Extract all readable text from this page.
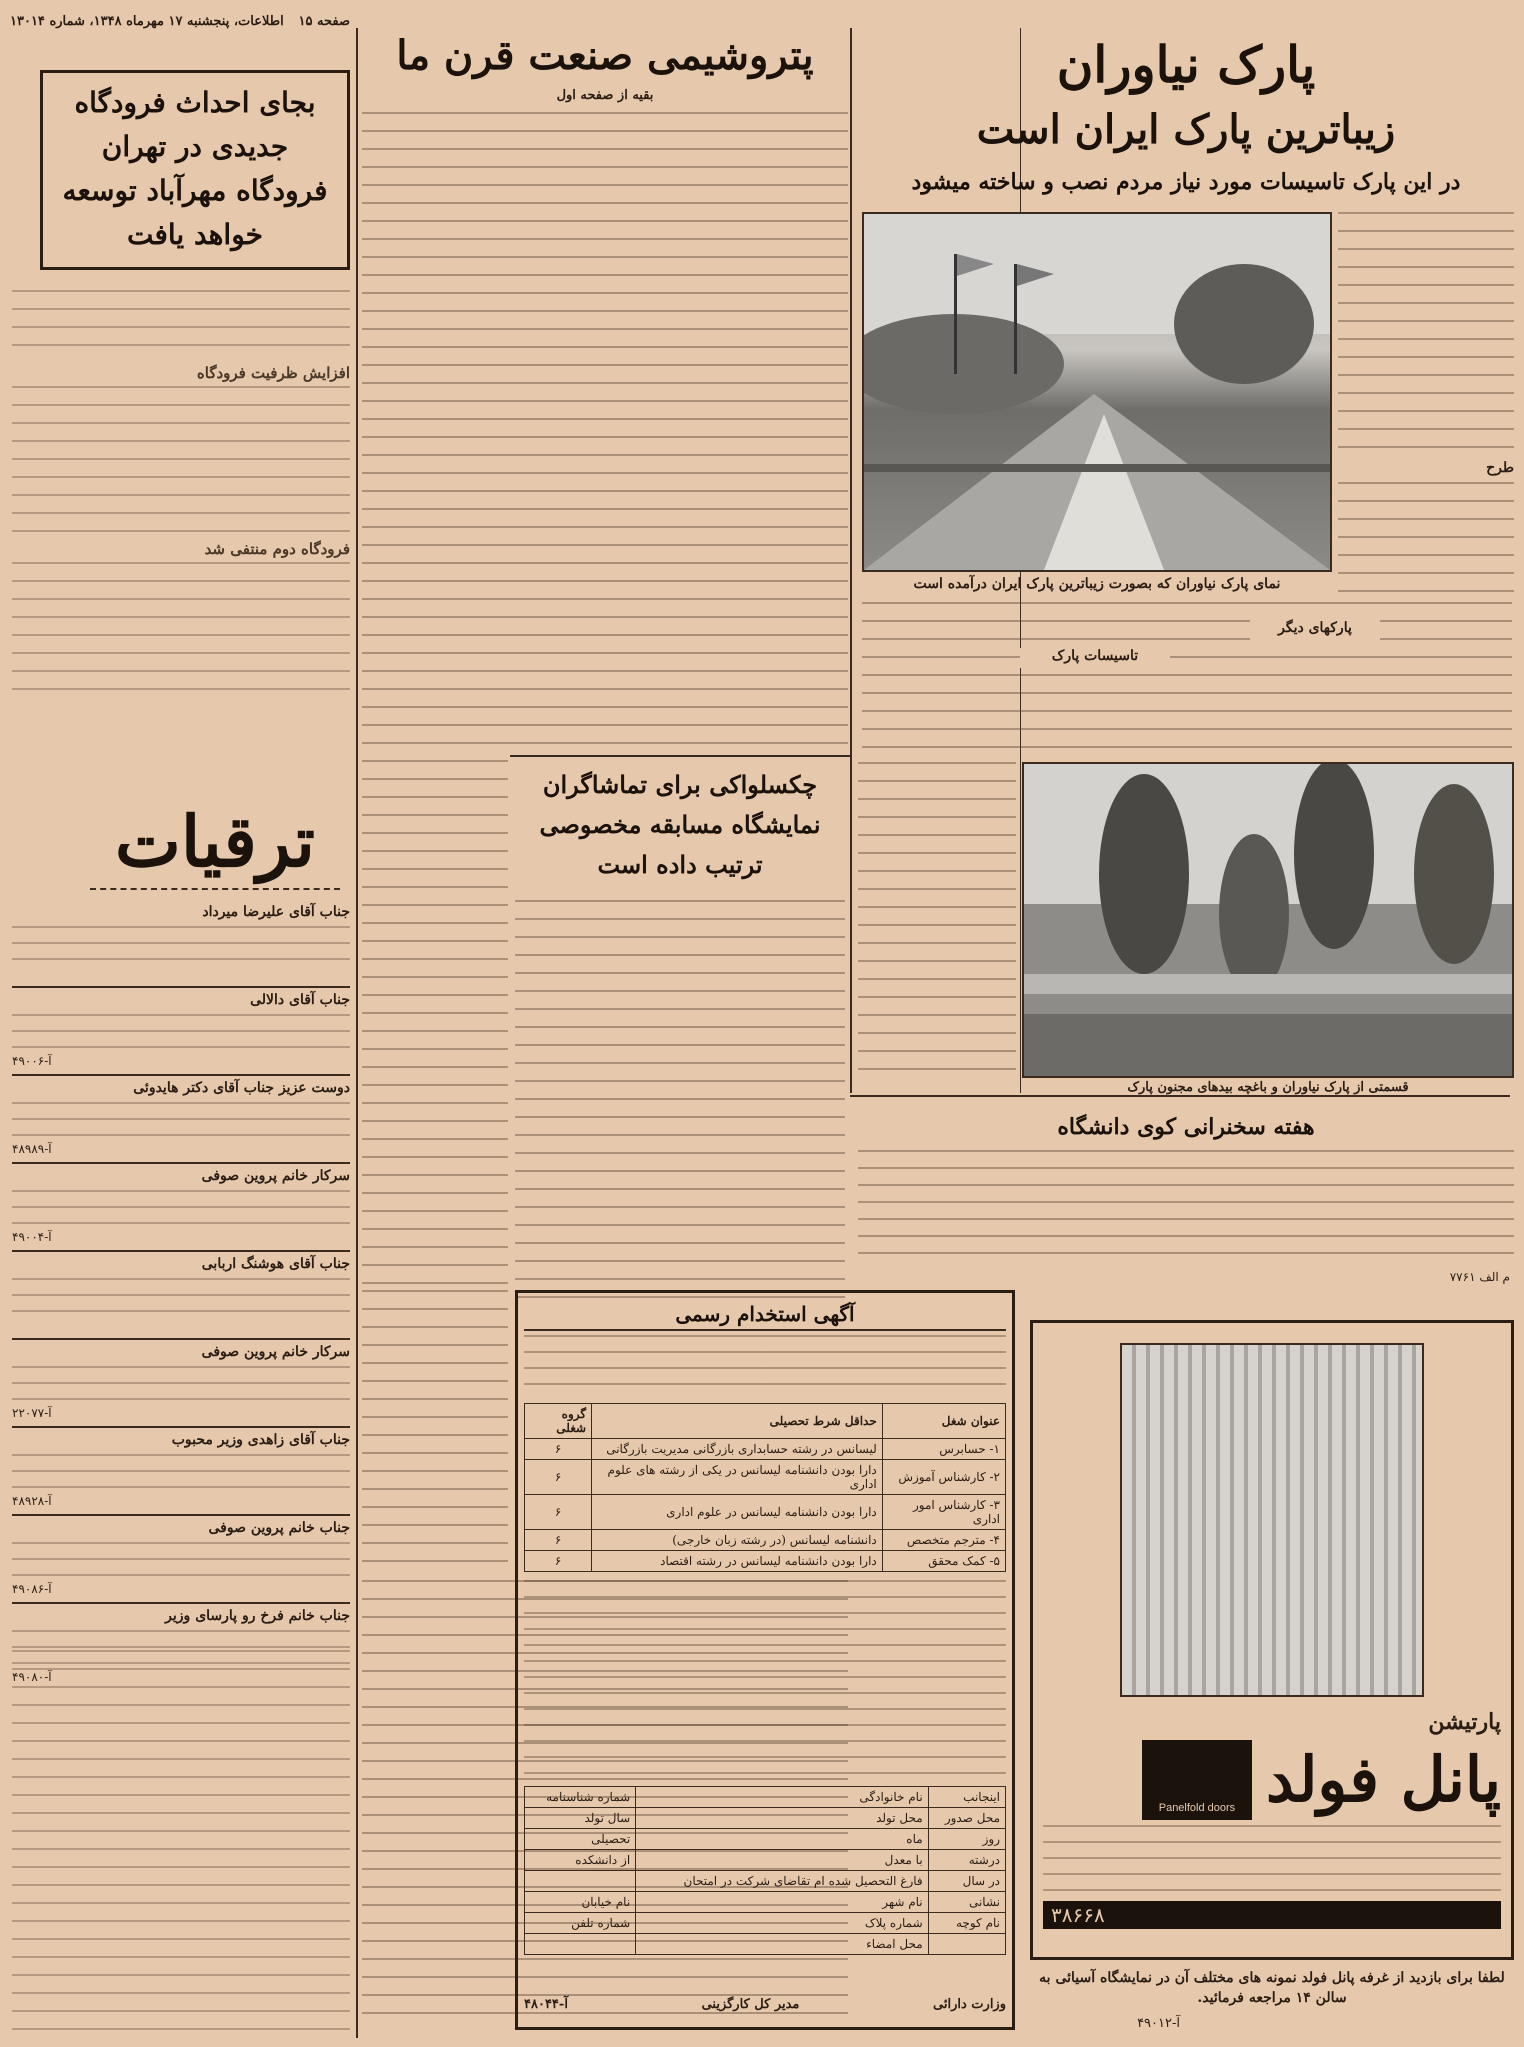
صفحه ۱۵
اطلاعات، پنجشنبه ۱۷ مهرماه ۱۳۴۸، شماره ۱۳۰۱۴
بجای احداث فرودگاه
جدیدی در تهران
فرودگاه مهرآباد توسعه
خواهد یافت
افزایش ظرفیت فرودگاه
فرودگاه دوم منتفی شد
ترقیات
جناب آقای علیرضا میرداد
جناب آقای دالالی
آ-۴۹۰۰۶
دوست عزیز جناب آقای دکتر هایدوئی
آ-۴۸۹۸۹
سرکار خانم پروین صوفی
آ-۴۹۰۰۴
جناب آقای هوشنگ اربابی
سرکار خانم پروین صوفی
آ-۲۲۰۷۷
جناب آقای زاهدی وزیر محبوب
آ-۴۸۹۲۸
جناب خانم پروین صوفی
آ-۴۹۰۸۶
جناب خانم فرخ رو پارسای وزیر
آ-۴۹۰۸۰
پتروشیمی صنعت قرن ما
بقیه از صفحه اول
چکسلواکی برای تماشاگران
نمایشگاه مسابقه مخصوصی
ترتیب داده است
پارک نیاوران
زیباترین پارک ایران است
در این پارک تاسیسات مورد نیاز مردم نصب و ساخته میشود
نمای پارک نیاوران که بصورت زیباترین پارک ایران درآمده است
طرح
تاسیسات پارک
پارکهای دیگر
قسمتی از پارک نیاوران و باغچه بیدهای مجنون پارک
هفته سخنرانی کوی دانشگاه
م الف ۷۷۶۱
آگهی استخدام رسمی
عنوان شغل	حداقل شرط تحصیلی	گروه شغلی
۱- حسابرس	لیسانس در رشته حسابداری بازرگانی مدیریت بازرگانی	۶
۲- کارشناس آموزش	دارا بودن دانشنامه لیسانس در یکی از رشته های علوم اداری	۶
۳- کارشناس امور اداری	دارا بودن دانشنامه لیسانس در علوم اداری	۶
۴- مترجم متخصص	دانشنامه لیسانس (در رشته زبان خارجی)	۶
۵- کمک محقق	دارا بودن دانشنامه لیسانس در رشته اقتصاد	۶
اینجانب	نام خانوادگی	شماره شناسنامه
محل صدور	محل تولد	سال تولد
روز	ماه	تحصیلی
درشته	با معدل	از دانشکده
در سال	فارغ التحصیل شده ام تقاضای شرکت در امتحان	
نشانی	نام شهر	نام خیابان
نام کوچه	شماره پلاک	شماره تلفن
	محل امضاء	
وزارت دارائی
مدیر کل کارگزینی
آ-۴۸۰۴۴
پارتیشن
پانل فولد
Panelfold doors
۳۸۶۶۸
لطفا برای بازدید از غرفه پانل فولد نمونه های مختلف آن در نمایشگاه آسیائی به سالن ۱۴ مراجعه فرمائید.
آ-۴۹۰۱۲
